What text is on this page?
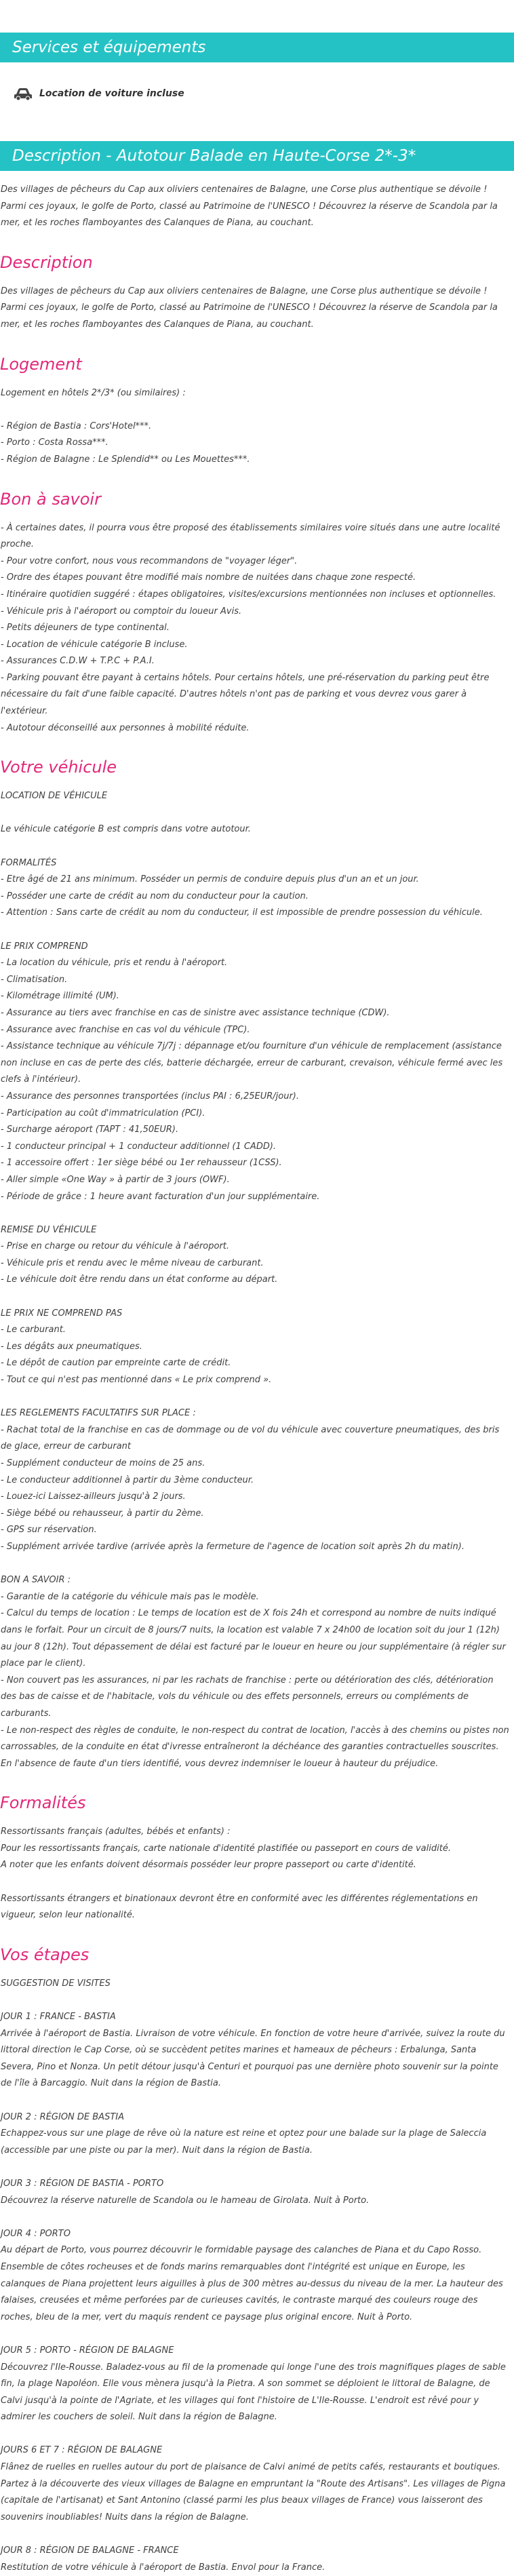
Services et équipements
Location de voiture incluse
Description - Autotour Balade en Haute-Corse 2*-3*

Des villages de pêcheurs du Cap aux oliviers centenaires de Balagne, une Corse plus authentique se dévoile ! Parmi ces joyaux, le golfe de Porto, classé au Patrimoine de l'UNESCO ! Découvrez la réserve de Scandola par la mer, et les roches flamboyantes des Calanques de Piana, au couchant.

Description

Des villages de pêcheurs du Cap aux oliviers centenaires de Balagne, une Corse plus authentique se dévoile ! Parmi ces joyaux, le golfe de Porto, classé au Patrimoine de l'UNESCO ! Découvrez la réserve de Scandola par la mer, et les roches flamboyantes des Calanques de Piana, au couchant.

Logement

Logement en hôtels 2*/3* (ou similaires) :

- Région de Bastia : Cors'Hotel***.
- Porto : Costa Rossa***.
- Région de Balagne : Le Splendid** ou Les Mouettes***.

Bon à savoir

- À certaines dates, il pourra vous être proposé des établissements similaires voire situés dans une autre localité proche.
- Pour votre confort, nous vous recommandons de "voyager léger".
- Ordre des étapes pouvant être modifié mais nombre de nuitées dans chaque zone respecté.
- Itinéraire quotidien suggéré : étapes obligatoires, visites/excursions mentionnées non incluses et optionnelles.
- Véhicule pris à l'aéroport ou comptoir du loueur Avis.
- Petits déjeuners de type continental.
- Location de véhicule catégorie B incluse.
- Assurances C.D.W + T.P.C + P.A.I.
- Parking pouvant être payant à certains hôtels. Pour certains hôtels, une pré-réservation du parking peut être nécessaire du fait d'une faible capacité. D'autres hôtels n'ont pas de parking et vous devrez vous garer à l'extérieur.
- Autotour déconseillé aux personnes à mobilité réduite.

Votre véhicule

LOCATION DE VÉHICULE

Le véhicule catégorie B est compris dans votre autotour.

FORMALITÉS
- Etre âgé de 21 ans minimum. Posséder un permis de conduire depuis plus d'un an et un jour.
- Posséder une carte de crédit au nom du conducteur pour la caution.
- Attention : Sans carte de crédit au nom du conducteur, il est impossible de prendre possession du véhicule.

LE PRIX COMPREND
- La location du véhicule, pris et rendu à l'aéroport.
- Climatisation.
- Kilométrage illimité (UM).
- Assurance au tiers avec franchise en cas de sinistre avec assistance technique (CDW).
- Assurance avec franchise en cas vol du véhicule (TPC).
- Assistance technique au véhicule 7j/7j : dépannage et/ou fourniture d'un véhicule de remplacement (assistance non incluse en cas de perte des clés, batterie déchargée, erreur de carburant, crevaison, véhicule fermé avec les clefs à l'intérieur).
- Assurance des personnes transportées (inclus PAI : 6,25EUR/jour).
- Participation au coût d'immatriculation (PCI).
- Surcharge aéroport (TAPT : 41,50EUR).
- 1 conducteur principal + 1 conducteur additionnel (1 CADD).
- 1 accessoire offert : 1er siège bébé ou 1er rehausseur (1CSS).
- Aller simple «One Way » à partir de 3 jours (OWF).
- Période de grâce : 1 heure avant facturation d'un jour supplémentaire.

REMISE DU VÉHICULE
- Prise en charge ou retour du véhicule à l'aéroport.
- Véhicule pris et rendu avec le même niveau de carburant.
- Le véhicule doit être rendu dans un état conforme au départ.

LE PRIX NE COMPREND PAS
- Le carburant.
- Les dégâts aux pneumatiques.
- Le dépôt de caution par empreinte carte de crédit.
- Tout ce qui n'est pas mentionné dans « Le prix comprend ».

LES REGLEMENTS FACULTATIFS SUR PLACE :
- Rachat total de la franchise en cas de dommage ou de vol du véhicule avec couverture pneumatiques, des bris de glace, erreur de carburant
- Supplément conducteur de moins de 25 ans.
- Le conducteur additionnel à partir du 3ème conducteur.
- Louez-ici Laissez-ailleurs jusqu'à 2 jours.
- Siège bébé ou rehausseur, à partir du 2ème.
- GPS sur réservation.
- Supplément arrivée tardive (arrivée après la fermeture de l'agence de location soit après 2h du matin).

BON A SAVOIR :
- Garantie de la catégorie du véhicule mais pas le modèle.
- Calcul du temps de location : Le temps de location est de X fois 24h et correspond au nombre de nuits indiqué dans le forfait. Pour un circuit de 8 jours/7 nuits, la location est valable 7 x 24h00 de location soit du jour 1 (12h) au jour 8 (12h). Tout dépassement de délai est facturé par le loueur en heure ou jour supplémentaire (à régler sur place par le client).
- Non couvert pas les assurances, ni par les rachats de franchise : perte ou détérioration des clés, détérioration des bas de caisse et de l'habitacle, vols du véhicule ou des effets personnels, erreurs ou compléments de carburants.
- Le non-respect des règles de conduite, le non-respect du contrat de location, l'accès à des chemins ou pistes non carrossables, de la conduite en état d'ivresse entraîneront la déchéance des garanties contractuelles souscrites. En l'absence de faute d'un tiers identifié, vous devrez indemniser le loueur à hauteur du préjudice.

Formalités

Ressortissants français (adultes, bébés et enfants) :
Pour les ressortissants français, carte nationale d'identité plastifiée ou passeport en cours de validité.
A noter que les enfants doivent désormais posséder leur propre passeport ou carte d'identité.

Ressortissants étrangers et binationaux devront être en conformité avec les différentes réglementations en vigueur, selon leur nationalité.

Vos étapes

SUGGESTION DE VISITES

JOUR 1 : FRANCE - BASTIA
Arrivée à l'aéroport de Bastia. Livraison de votre véhicule. En fonction de votre heure d'arrivée, suivez la route du littoral direction le Cap Corse, où se succèdent petites marines et hameaux de pêcheurs : Erbalunga, Santa Severa, Pino et Nonza. Un petit détour jusqu'à Centuri et pourquoi pas une dernière photo souvenir sur la pointe de l'île à Barcaggio. Nuit dans la région de Bastia.

JOUR 2 : RÉGION DE BASTIA
Echappez-vous sur une plage de rêve où la nature est reine et optez pour une balade sur la plage de Saleccia (accessible par une piste ou par la mer). Nuit dans la région de Bastia.

JOUR 3 : RÉGION DE BASTIA - PORTO
Découvrez la réserve naturelle de Scandola ou le hameau de Girolata. Nuit à Porto.

JOUR 4 : PORTO
Au départ de Porto, vous pourrez découvrir le formidable paysage des calanches de Piana et du Capo Rosso. Ensemble de côtes rocheuses et de fonds marins remarquables dont l'intégrité est unique en Europe, les calanques de Piana projettent leurs aiguilles à plus de 300 mètres au-dessus du niveau de la mer. La hauteur des falaises, creusées et même perforées par de curieuses cavités, le contraste marqué des couleurs rouge des roches, bleu de la mer, vert du maquis rendent ce paysage plus original encore. Nuit à Porto.

JOUR 5 : PORTO - RÉGION DE BALAGNE
Découvrez l'Ile-Rousse. Baladez-vous au fil de la promenade qui longe l'une des trois magnifiques plages de sable fin, la plage Napoléon. Elle vous mènera jusqu'à la Pietra. A son sommet se déploient le littoral de Balagne, de Calvi jusqu'à la pointe de l'Agriate, et les villages qui font l'histoire de L'Ile-Rousse. L'endroit est rêvé pour y admirer les couchers de soleil. Nuit dans la région de Balagne.

JOURS 6 ET 7 : RÉGION DE BALAGNE
Flânez de ruelles en ruelles autour du port de plaisance de Calvi animé de petits cafés, restaurants et boutiques. Partez à la découverte des vieux villages de Balagne en empruntant la "Route des Artisans". Les villages de Pigna (capitale de l'artisanat) et Sant Antonino (classé parmi les plus beaux villages de France) vous laisseront des souvenirs inoubliables! Nuits dans la région de Balagne.

JOUR 8 : RÉGION DE BALAGNE - FRANCE
Restitution de votre véhicule à l'aéroport de Bastia. Envol pour la France.
